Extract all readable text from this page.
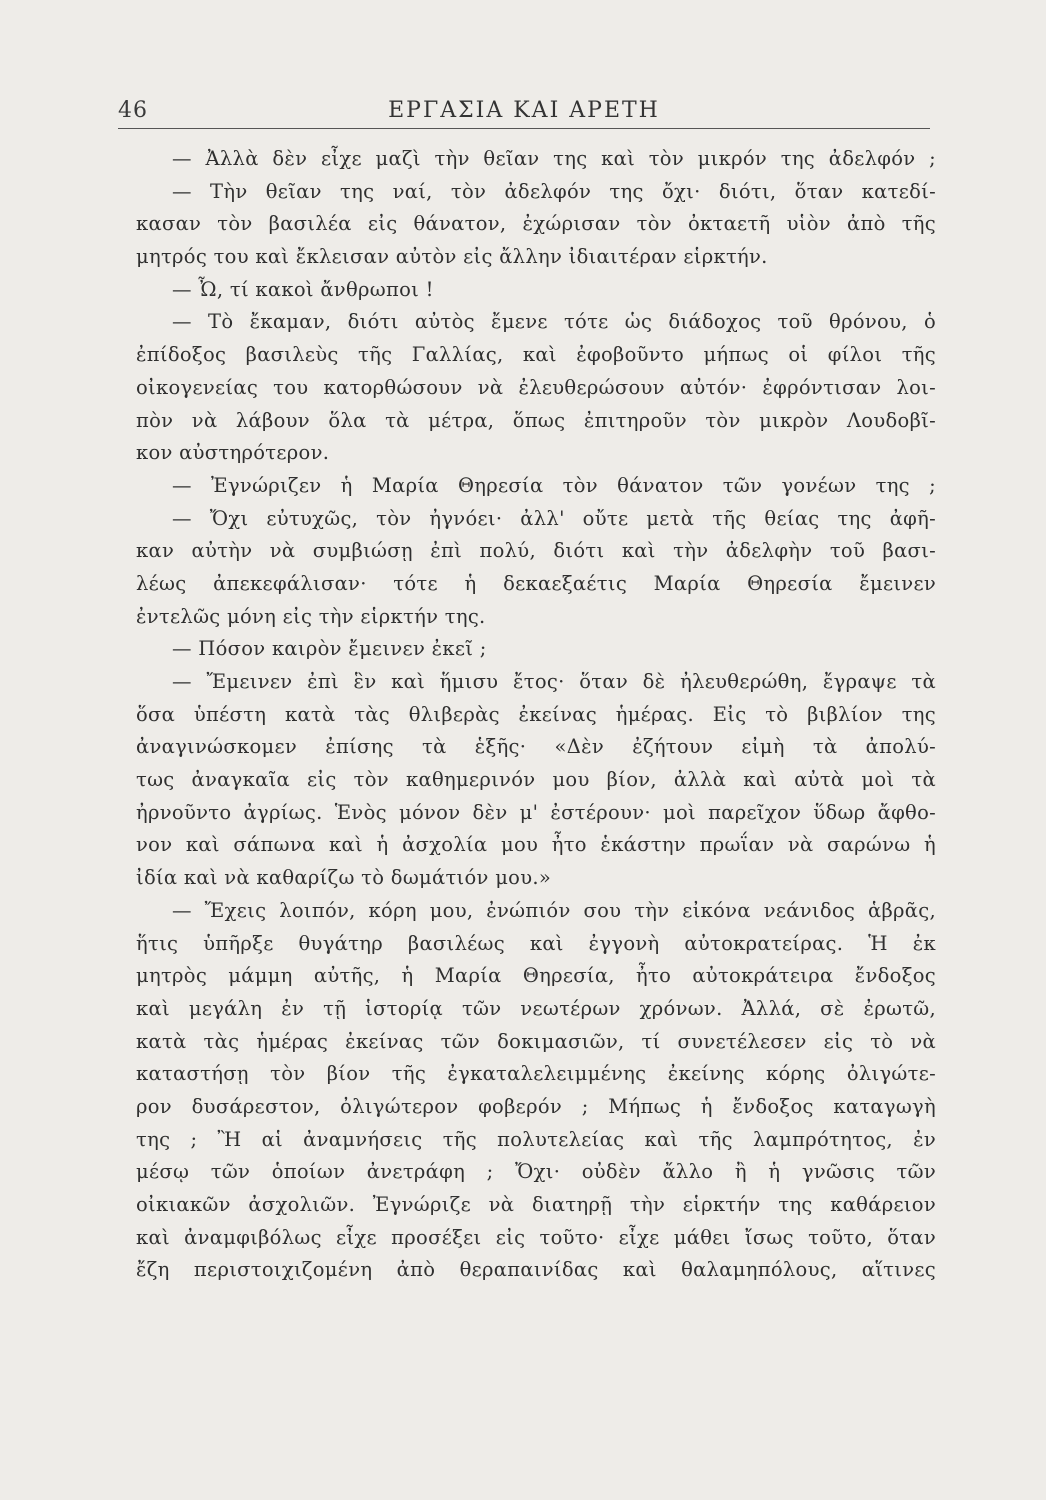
46	ΕΡΓΑΣΙΑ ΚΑΙ ΑΡΕΤΗ
— Ἀλλὰ δὲν εἶχε μαζὶ τὴν θεῖαν της καὶ τὸν μικρόν της ἀδελφόν ;
— Τὴν θεῖαν της ναί, τὸν ἀδελφόν της ὄχι· διότι, ὅταν κατεδί-
κασαν τὸν βασιλέα εἰς θάνατον, ἐχώρισαν τὸν ὀκταετῆ υἱὸν ἀπὸ τῆς
μητρός του καὶ ἔκλεισαν αὐτὸν εἰς ἄλλην ἰδιαιτέραν εἱρκτήν.
— Ὦ, τί κακοὶ ἄνθρωποι !
— Τὸ ἔκαμαν, διότι αὐτὸς ἔμενε τότε ὡς διάδοχος τοῦ θρόνου, ὁ
ἐπίδοξος βασιλεὺς τῆς Γαλλίας, καὶ ἐφοβοῦντο μήπως οἱ φίλοι τῆς
οἰκογενείας του κατορθώσουν νὰ ἐλευθερώσουν αὐτόν· ἐφρόντισαν λοι-
πὸν νὰ λάβουν ὅλα τὰ μέτρα, ὅπως ἐπιτηροῦν τὸν μικρὸν Λουδοβῖ-
κον αὐστηρότερον.
— Ἐγνώριζεν ἡ Μαρία Θηρεσία τὸν θάνατον τῶν γονέων της ;
— Ὄχι εὐτυχῶς, τὸν ἠγνόει· ἀλλ' οὔτε μετὰ τῆς θείας της ἀφῆ-
καν αὐτὴν νὰ συμβιώσῃ ἐπὶ πολύ, διότι καὶ τὴν ἀδελφὴν τοῦ βασι-
λέως ἀπεκεφάλισαν· τότε ἡ δεκαεξαέτις Μαρία Θηρεσία ἔμεινεν
ἐντελῶς μόνη εἰς τὴν εἱρκτήν της.
— Πόσον καιρὸν ἔμεινεν ἐκεῖ ;
— Ἔμεινεν ἐπὶ ἓν καὶ ἥμισυ ἔτος· ὅταν δὲ ἠλευθερώθη, ἔγραψε τὰ
ὅσα ὑπέστη κατὰ τὰς θλιβερὰς ἐκείνας ἡμέρας. Εἰς τὸ βιβλίον της
ἀναγινώσκομεν ἐπίσης τὰ ἑξῆς· «Δὲν ἐζήτουν εἰμὴ τὰ ἀπολύ-
τως ἀναγκαῖα εἰς τὸν καθημερινόν μου βίον, ἀλλὰ καὶ αὐτὰ μοὶ τὰ
ἠρνοῦντο ἀγρίως. Ἑνὸς μόνον δὲν μ' ἐστέρουν· μοὶ παρεῖχον ὕδωρ ἄφθο-
νον καὶ σάπωνα καὶ ἡ ἀσχολία μου ἦτο ἑκάστην πρωΐαν νὰ σαρώνω ἡ
ἰδία καὶ νὰ καθαρίζω τὸ δωμάτιόν μου.»
— Ἔχεις λοιπόν, κόρη μου, ἐνώπιόν σου τὴν εἰκόνα νεάνιδος ἁβρᾶς,
ἥτις ὑπῆρξε θυγάτηρ βασιλέως καὶ ἐγγονὴ αὐτοκρατείρας. Ἡ ἐκ
μητρὸς μάμμη αὐτῆς, ἡ Μαρία Θηρεσία, ἦτο αὐτοκράτειρα ἔνδοξος
καὶ μεγάλη ἐν τῇ ἱστορίᾳ τῶν νεωτέρων χρόνων. Ἀλλά, σὲ ἐρωτῶ,
κατὰ τὰς ἡμέρας ἐκείνας τῶν δοκιμασιῶν, τί συνετέλεσεν εἰς τὸ νὰ
καταστήσῃ τὸν βίον τῆς ἐγκαταλελειμμένης ἐκείνης κόρης ὀλιγώτε-
ρον δυσάρεστον, ὀλιγώτερον φοβερόν ; Μήπως ἡ ἔνδοξος καταγωγὴ
της ; Ἢ αἱ ἀναμνήσεις τῆς πολυτελείας καὶ τῆς λαμπρότητος, ἐν
μέσῳ τῶν ὁποίων ἀνετράφη ; Ὄχι· οὐδὲν ἄλλο ἢ ἡ γνῶσις τῶν
οἰκιακῶν ἀσχολιῶν. Ἐγνώριζε νὰ διατηρῇ τὴν εἱρκτήν της καθάρειον
καὶ ἀναμφιβόλως εἶχε προσέξει εἰς τοῦτο· εἶχε μάθει ἴσως τοῦτο, ὅταν
ἔζη περιστοιχιζομένη ἀπὸ θεραπαινίδας καὶ θαλαμηπόλους, αἵτινες
